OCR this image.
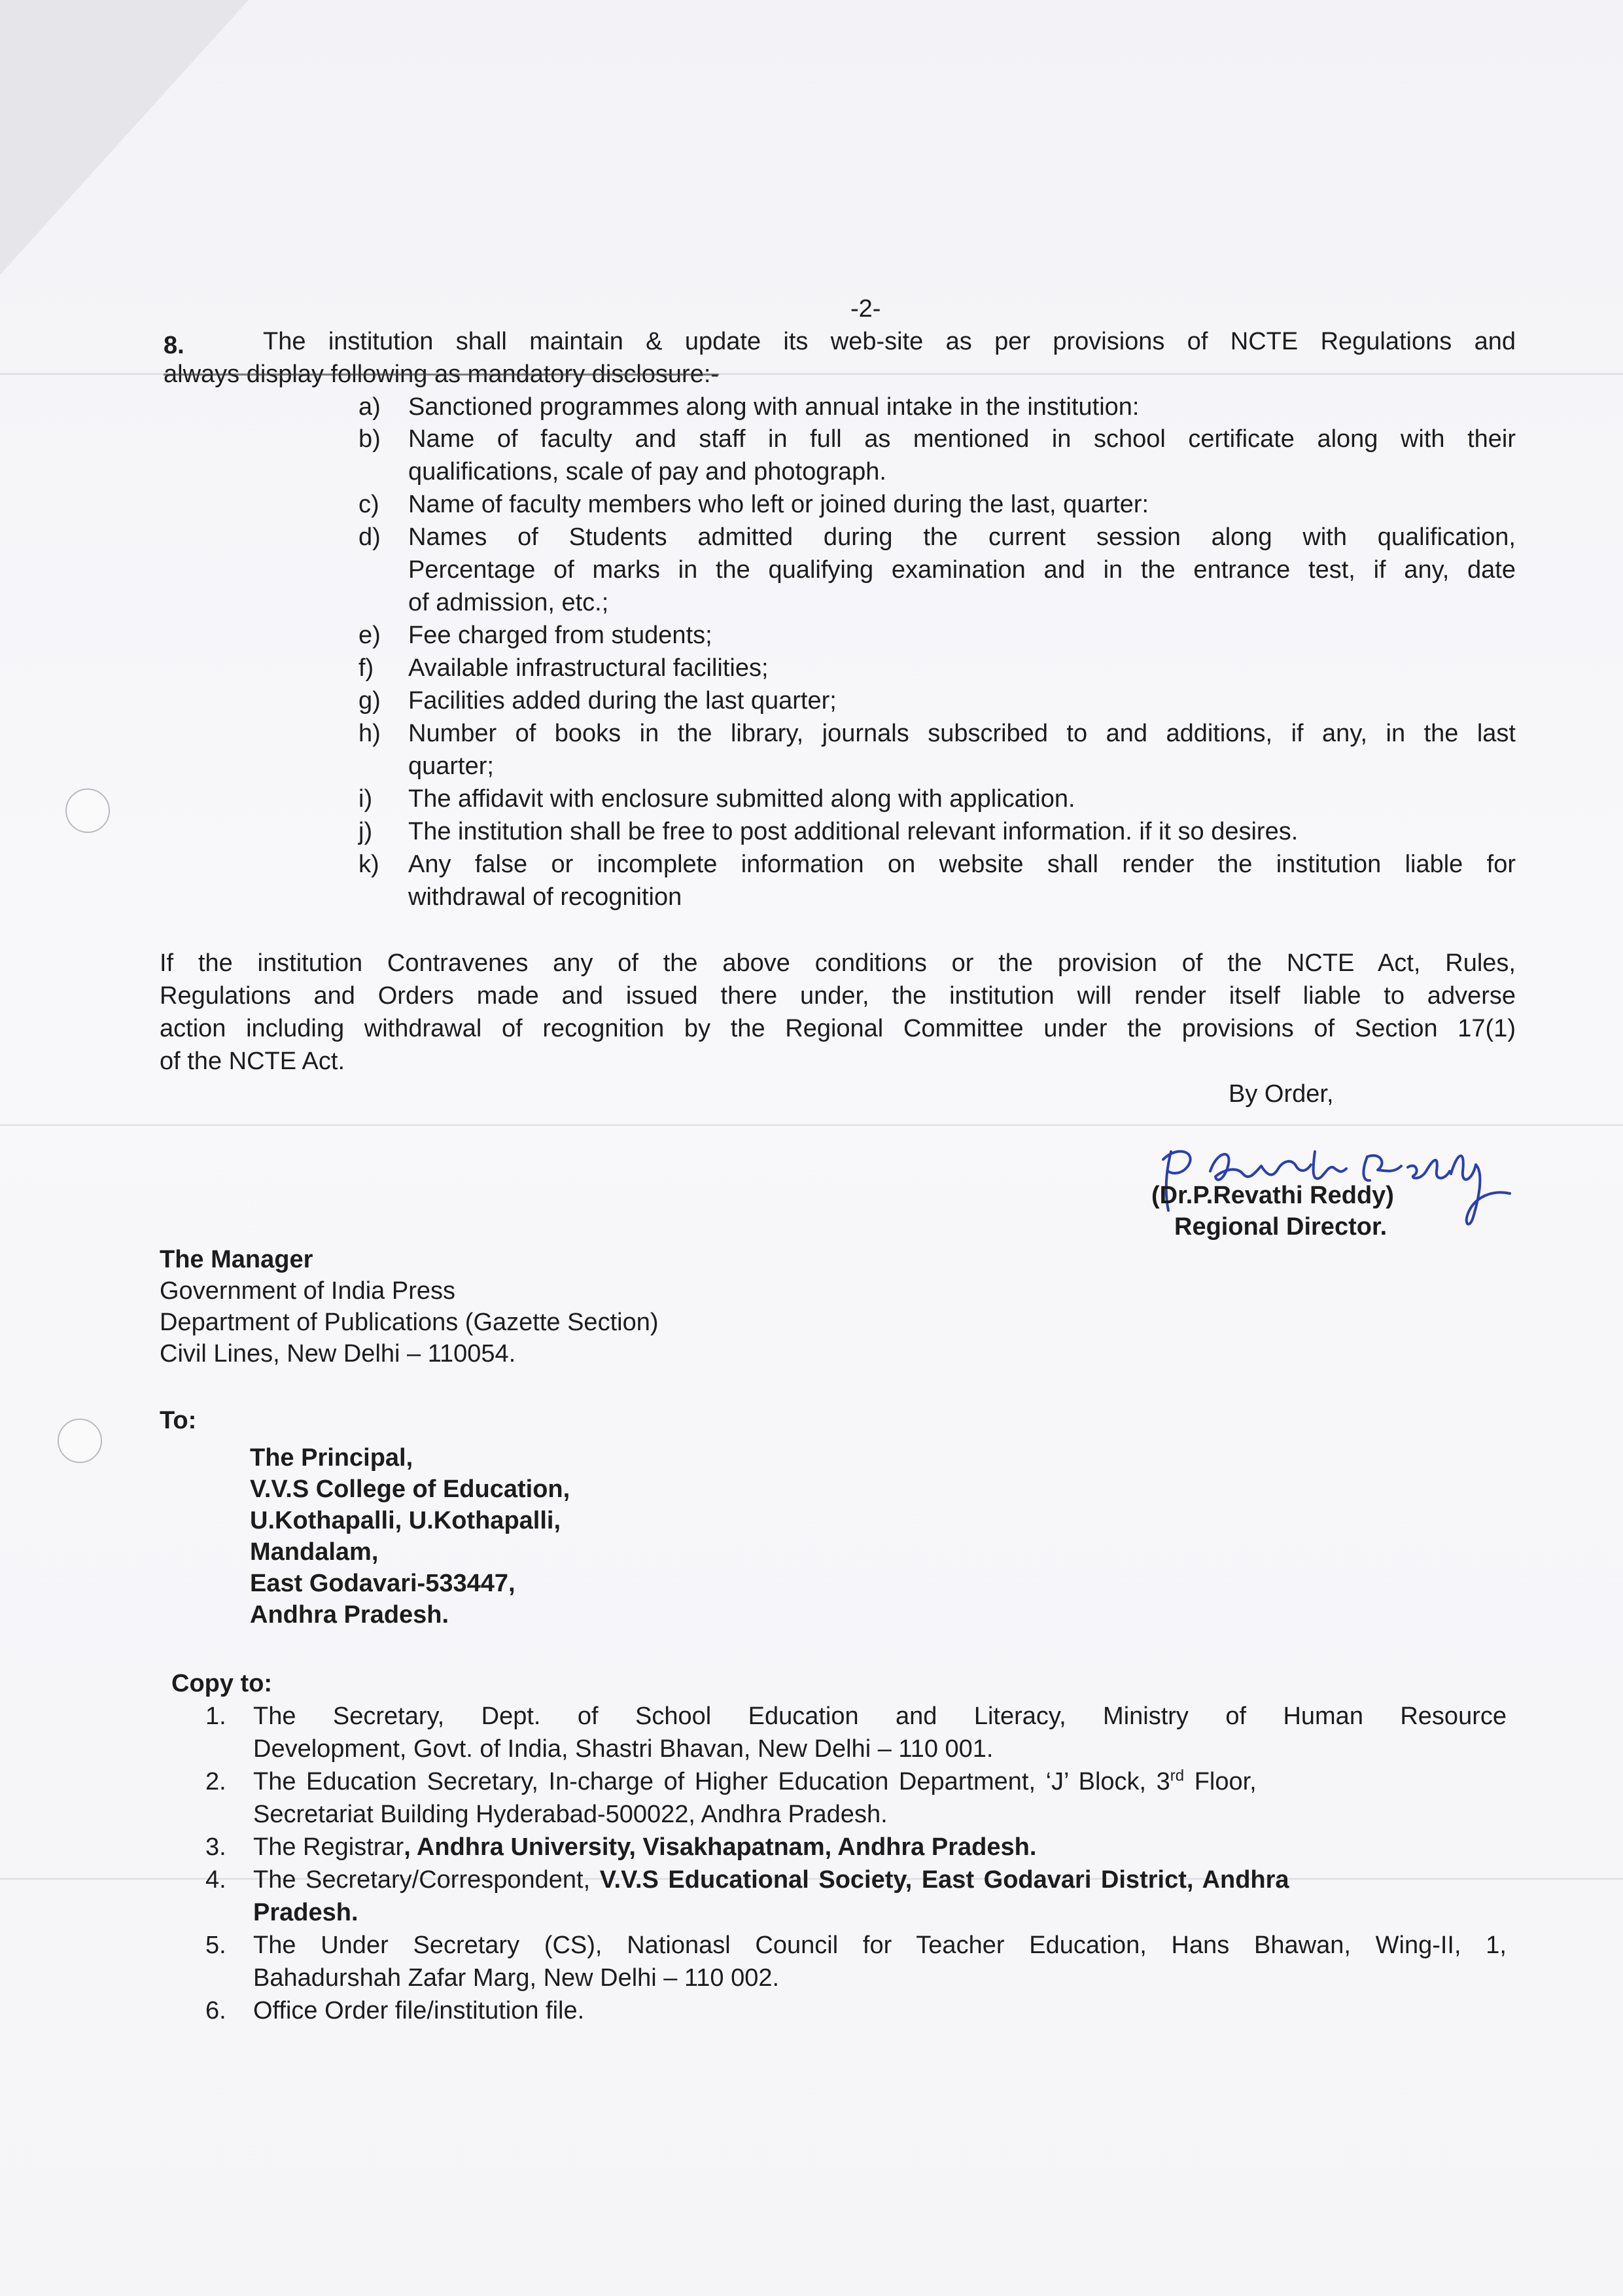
-2-
8.	The institution shall maintain & update its web-site as per provisions of NCTE Regulations and
always display following as mandatory disclosure:-
a) Sanctioned programmes along with annual intake in the institution:
b) Name of faculty and staff in full as mentioned in school certificate along with their
qualifications, scale of pay and photograph.
c) Name of faculty members who left or joined during the last, quarter:
d) Names of Students admitted during the current session along with qualification,
Percentage of marks in the qualifying examination and in the entrance test, if any, date
of admission, etc.;
e) Fee charged from students;
f) Available infrastructural facilities;
g) Facilities added during the last quarter;
h) Number of books in the library, journals subscribed to and additions, if any, in the last
quarter;
i) The affidavit with enclosure submitted along with application.
j) The institution shall be free to post additional relevant information. if it so desires.
k) Any false or incomplete information on website shall render the institution liable for
withdrawal of recognition
If the institution Contravenes any of the above conditions or the provision of the NCTE Act, Rules,
Regulations and Orders made and issued there under, the institution will render itself liable to adverse
action including withdrawal of recognition by the Regional Committee under the provisions of Section 17(1)
of the NCTE Act.
By Order,
(Dr.P.Revathi Reddy)
Regional Director.
The Manager
Government of India Press
Department of Publications (Gazette Section)
Civil Lines, New Delhi – 110054.
To:
The Principal,
V.V.S College of Education,
U.Kothapalli, U.Kothapalli,
Mandalam,
East Godavari-533447,
Andhra Pradesh.
Copy to:
1. The Secretary, Dept. of School Education and Literacy, Ministry of Human Resource
Development, Govt. of India, Shastri Bhavan, New Delhi – 110 001.
2. The Education Secretary, In-charge of Higher Education Department, ‘J’ Block, 3rd Floor,
Secretariat Building Hyderabad-500022, Andhra Pradesh.
3. The Registrar, Andhra University, Visakhapatnam, Andhra Pradesh.
4. The Secretary/Correspondent, V.V.S Educational Society, East Godavari District, Andhra
Pradesh.
5. The Under Secretary (CS), Nationasl Council for Teacher Education, Hans Bhawan, Wing-II, 1,
Bahadurshah Zafar Marg, New Delhi – 110 002.
6. Office Order file/institution file.
